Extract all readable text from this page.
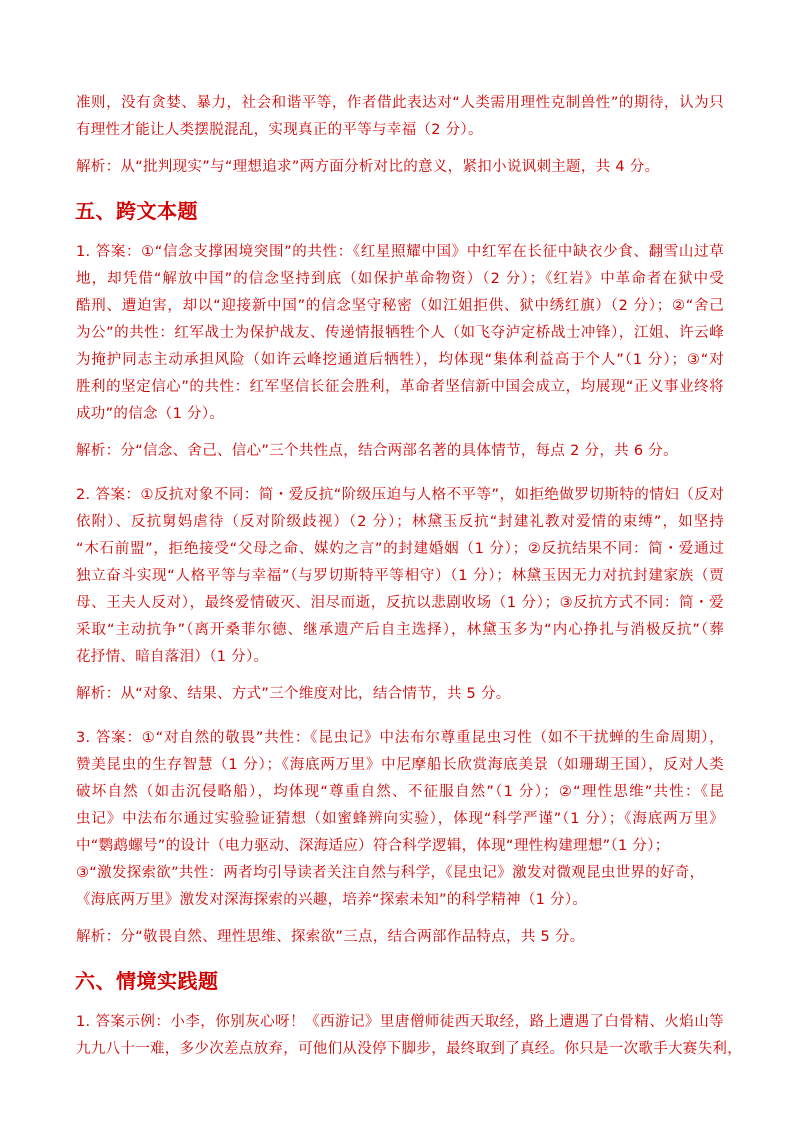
准则，没有贪婪、暴力，社会和谐平等，作者借此表达对“人类需用理性克制兽性”的期待，认为只
有理性才能让人类摆脱混乱，实现真正的平等与幸福（2 分）。
解析：从“批判现实”与“理想追求”两方面分析对比的意义，紧扣小说讽刺主题，共 4 分。
五、跨文本题
1. 答案：①“信念支撑困境突围”的共性：《红星照耀中国》中红军在长征中缺衣少食、翻雪山过草
地，却凭借“解放中国”的信念坚持到底（如保护革命物资）（2 分）；《红岩》中革命者在狱中受
酷刑、遭迫害，却以“迎接新中国”的信念坚守秘密（如江姐拒供、狱中绣红旗）（2 分）；②“舍己
为公”的共性：红军战士为保护战友、传递情报牺牲个人（如飞夺泸定桥战士冲锋），江姐、许云峰
为掩护同志主动承担风险（如许云峰挖通道后牺牲），均体现“集体利益高于个人”（1 分）；③“对
胜利的坚定信心”的共性：红军坚信长征会胜利，革命者坚信新中国会成立，均展现“正义事业终将
成功”的信念（1 分）。
解析：分“信念、舍己、信心”三个共性点，结合两部名著的具体情节，每点 2 分，共 6 分。
2. 答案：①反抗对象不同：简・爱反抗“阶级压迫与人格不平等”，如拒绝做罗切斯特的情妇（反对
依附）、反抗舅妈虐待（反对阶级歧视）（2 分）；林黛玉反抗“封建礼教对爱情的束缚”，如坚持
“木石前盟”，拒绝接受“父母之命、媒妁之言”的封建婚姻（1 分）；②反抗结果不同：简・爱通过
独立奋斗实现“人格平等与幸福”（与罗切斯特平等相守）（1 分）；林黛玉因无力对抗封建家族（贾
母、王夫人反对），最终爱情破灭、泪尽而逝，反抗以悲剧收场（1 分）；③反抗方式不同：简・爱
采取“主动抗争”（离开桑菲尔德、继承遗产后自主选择），林黛玉多为“内心挣扎与消极反抗”（葬
花抒情、暗自落泪）（1 分）。
解析：从“对象、结果、方式”三个维度对比，结合情节，共 5 分。
3. 答案：①“对自然的敬畏”共性：《昆虫记》中法布尔尊重昆虫习性（如不干扰蝉的生命周期），
赞美昆虫的生存智慧（1 分）；《海底两万里》中尼摩船长欣赏海底美景（如珊瑚王国），反对人类
破坏自然（如击沉侵略船），均体现“尊重自然、不征服自然”（1 分）；②“理性思维”共性：《昆
虫记》中法布尔通过实验验证猜想（如蜜蜂辨向实验），体现“科学严谨”（1 分）；《海底两万里》
中“鹦鹉螺号”的设计（电力驱动、深海适应）符合科学逻辑，体现“理性构建理想”（1 分）；
③“激发探索欲”共性：两者均引导读者关注自然与科学，《昆虫记》激发对微观昆虫世界的好奇，
《海底两万里》激发对深海探索的兴趣，培养“探索未知”的科学精神（1 分）。
解析：分“敬畏自然、理性思维、探索欲”三点，结合两部作品特点，共 5 分。
六、情境实践题
1. 答案示例：小李，你别灰心呀！《西游记》里唐僧师徒西天取经，路上遭遇了白骨精、火焰山等
九九八十一难，多少次差点放弃，可他们从没停下脚步，最终取到了真经。你只是一次歌手大赛失利，
